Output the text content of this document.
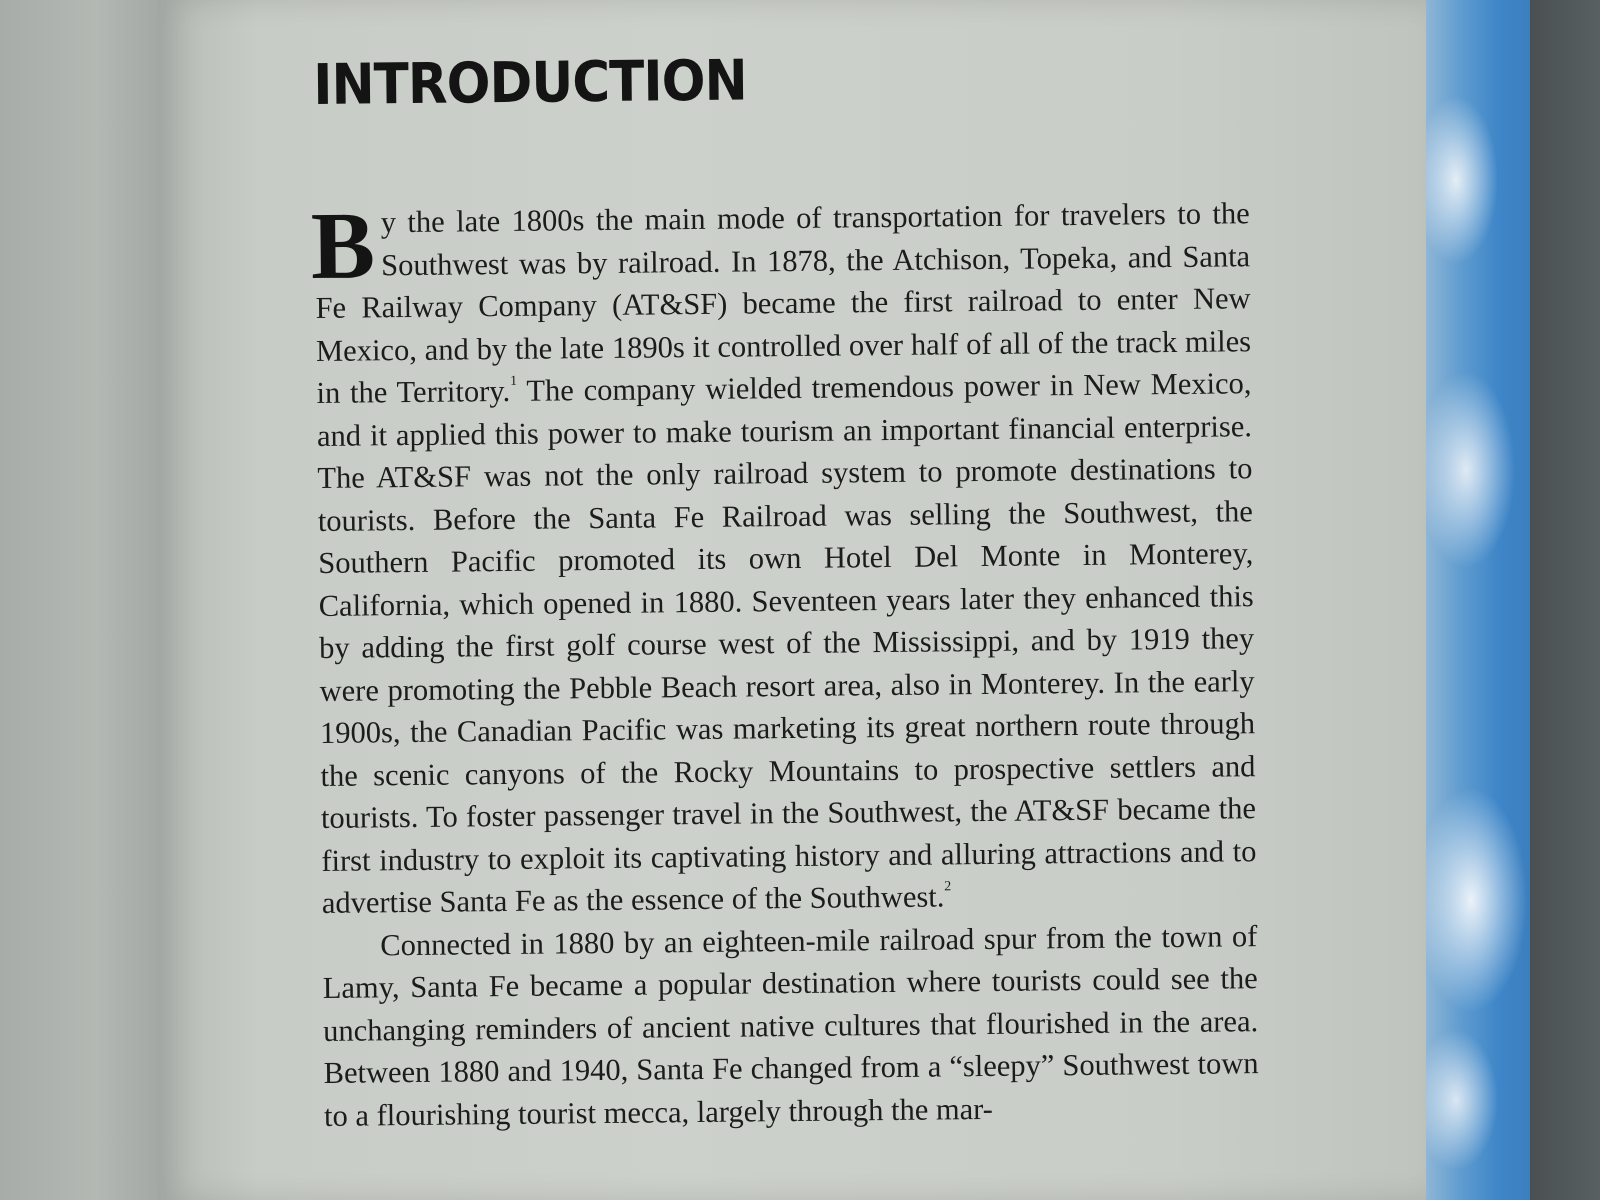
INTRODUCTION

By the late 1800s the main mode of transportation for travelers to the Southwest was by railroad. In 1878, the Atchison, Topeka, and Santa Fe Railway Company (AT&SF) became the first railroad to enter New Mexico, and by the late 1890s it controlled over half of all of the track miles in the Territory.$^1$ The company wielded tremendous power in New Mexico, and it applied this power to make tourism an important financial enterprise. The AT&SF was not the only railroad system to promote destinations to tourists. Before the Santa Fe Railroad was selling the Southwest, the Southern Pacific promoted its own Hotel Del Monte in Monterey, California, which opened in 1880. Seventeen years later they enhanced this by adding the first golf course west of the Mississippi, and by 1919 they were promoting the Pebble Beach resort area, also in Monterey. In the early 1900s, the Canadian Pacific was marketing its great northern route through the scenic canyons of the Rocky Mountains to prospective settlers and tourists. To foster passenger travel in the Southwest, the AT&SF became the first industry to exploit its captivating history and alluring attractions and to advertise Santa Fe as the essence of the Southwest.$^2$

Connected in 1880 by an eighteen-mile railroad spur from the town of Lamy, Santa Fe became a popular destination where tourists could see the unchanging reminders of ancient native cultures that flourished in the area. Between 1880 and 1940, Santa Fe changed from a “sleepy” Southwest town to a flourishing tourist mecca, largely through the mar-
